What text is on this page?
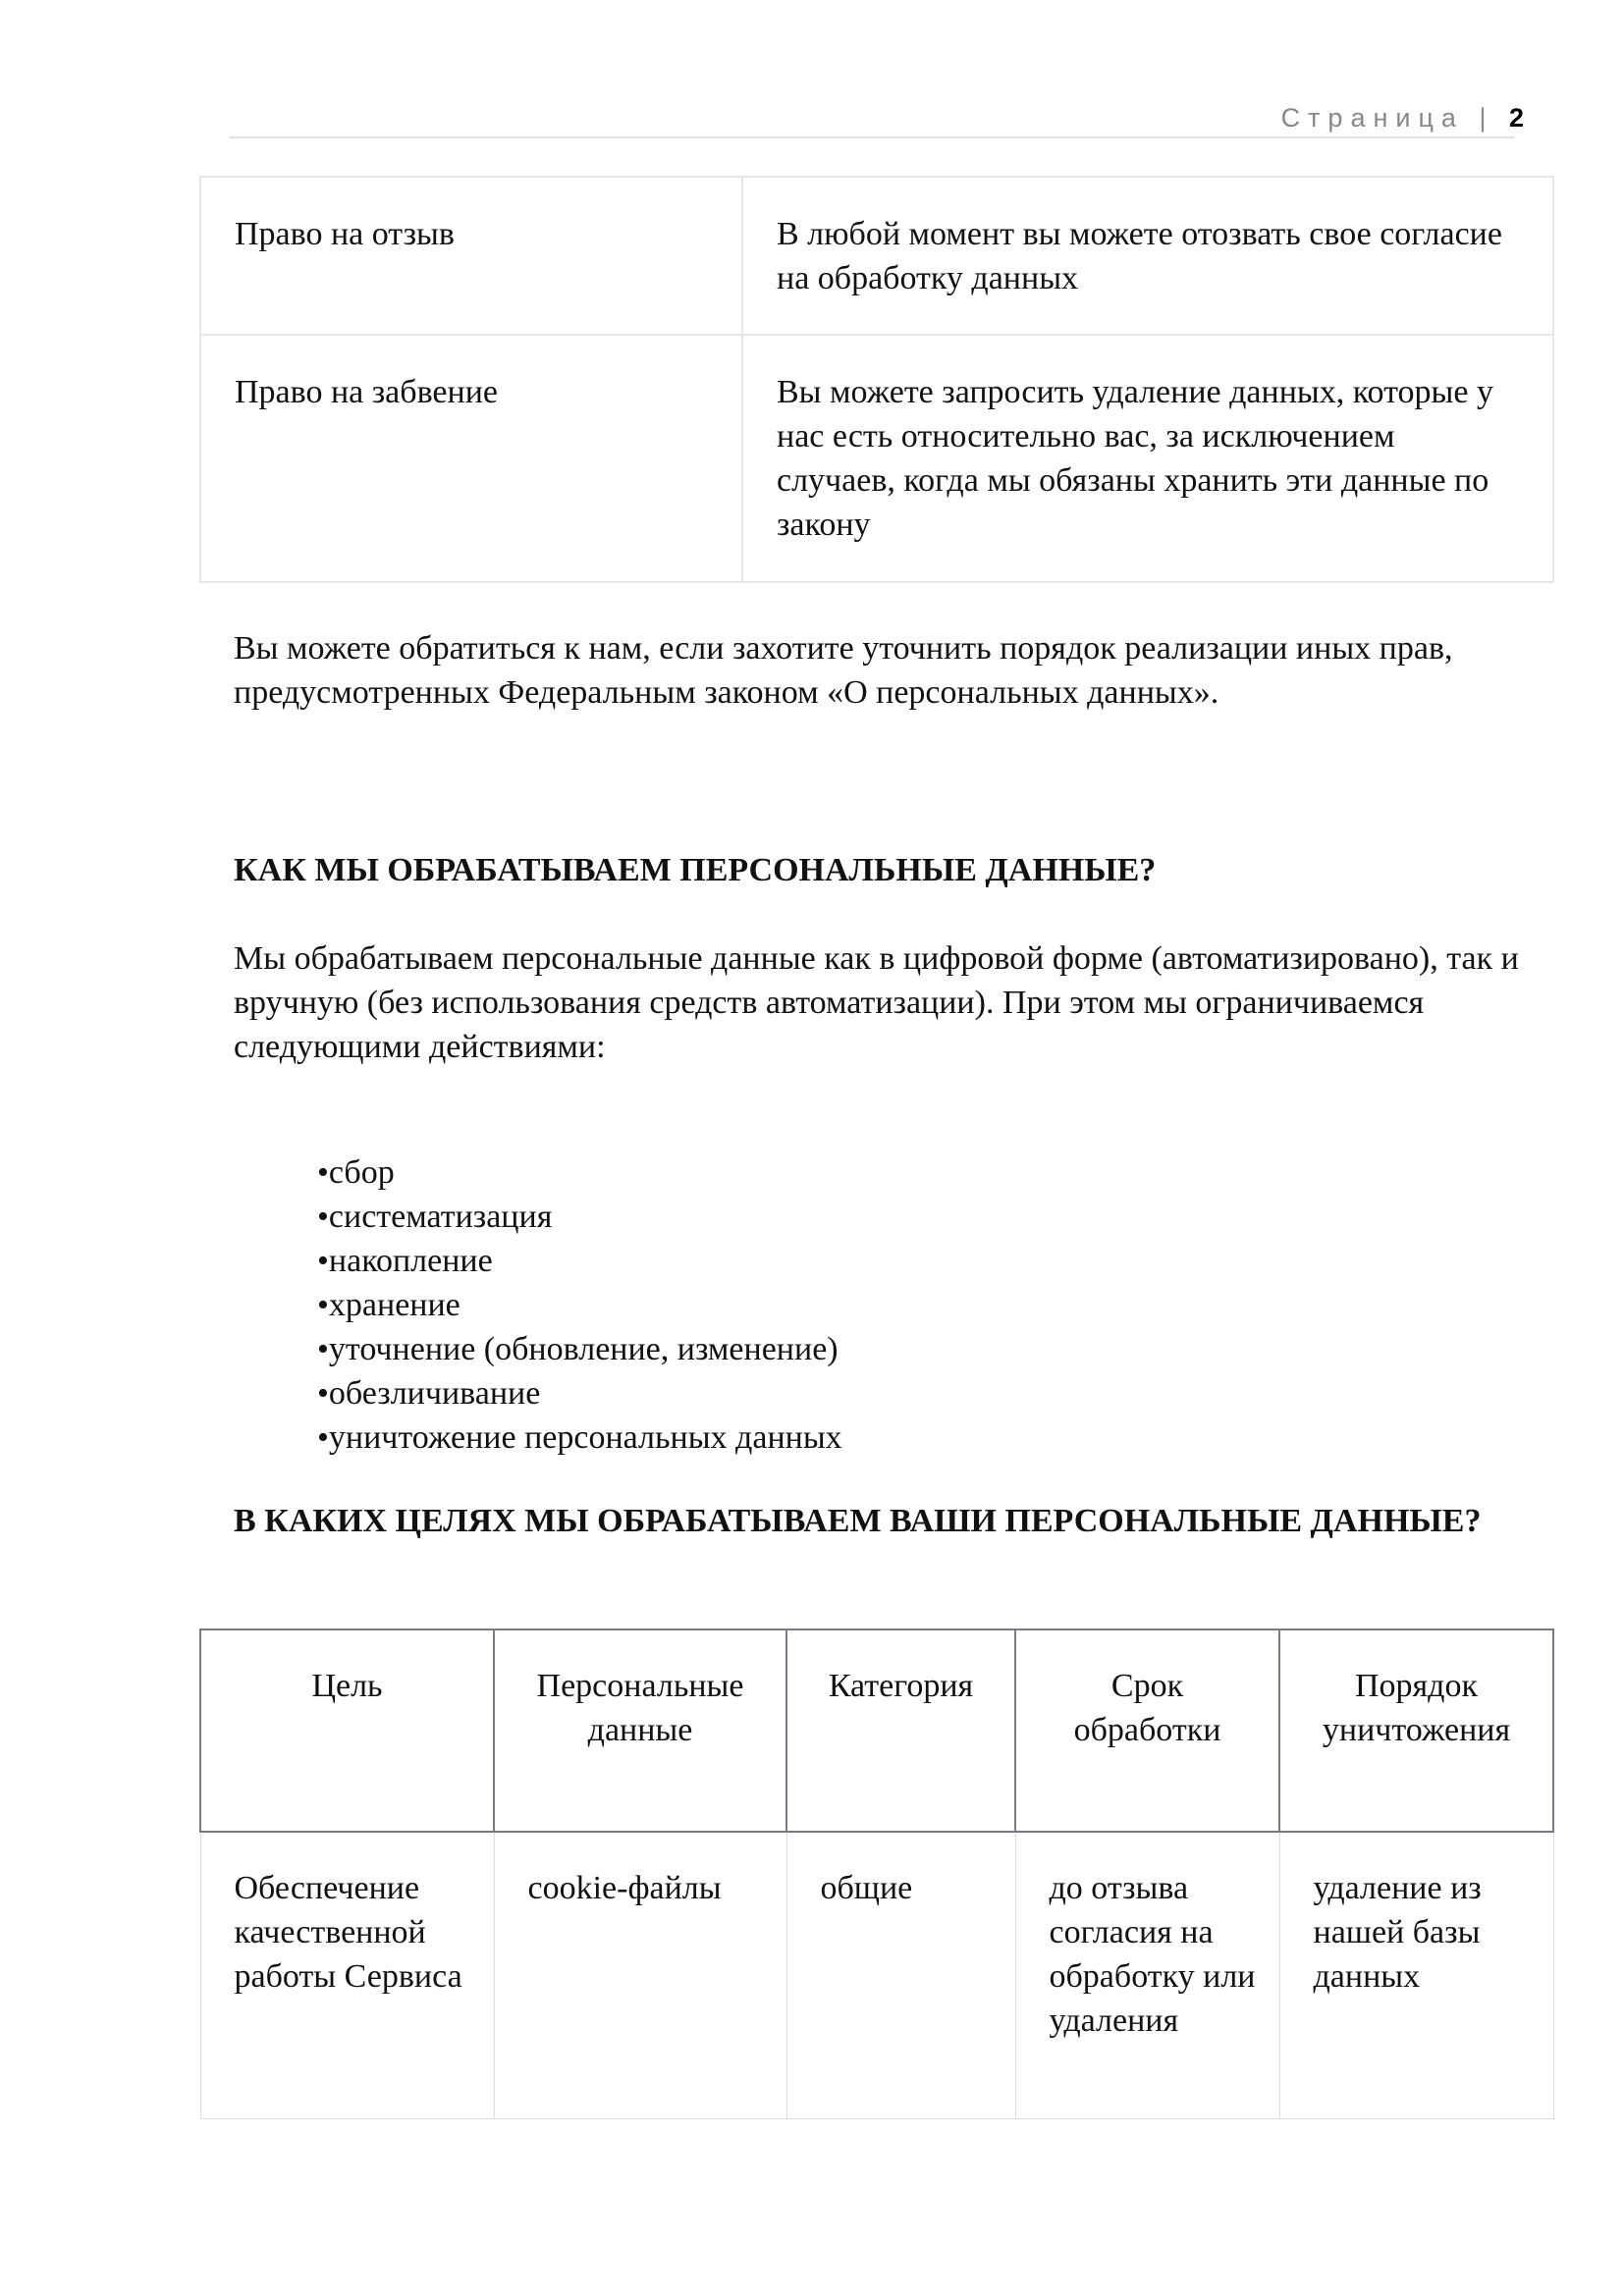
Страница | 2
Право на отзыв	В любой момент вы можете отозвать свое согласие на обработку данных
Право на забвение	Вы можете запросить удаление данных, которые у нас есть относительно вас, за исключением случаев, когда мы обязаны хранить эти данные по закону
Вы можете обратиться к нам, если захотите уточнить порядок реализации иных прав, предусмотренных Федеральным законом «О персональных данных».
КАК МЫ ОБРАБАТЫВАЕМ ПЕРСОНАЛЬНЫЕ ДАННЫЕ?
Мы обрабатываем персональные данные как в цифровой форме (автоматизировано), так и вручную (без использования средств автоматизации). При этом мы ограничиваемся следующими действиями:
• сбор
• систематизация
• накопление
• хранение
• уточнение (обновление, изменение)
• обезличивание
• уничтожение персональных данных
В КАКИХ ЦЕЛЯХ МЫ ОБРАБАТЫВАЕМ ВАШИ ПЕРСОНАЛЬНЫЕ ДАННЫЕ?
Цель	Персональные данные	Категория	Срок обработки	Порядок уничтожения
Обеспечение качественной работы Сервиса	cookie-файлы	общие	до отзыва согласия на обработку или удаления	удаление из нашей базы данных
